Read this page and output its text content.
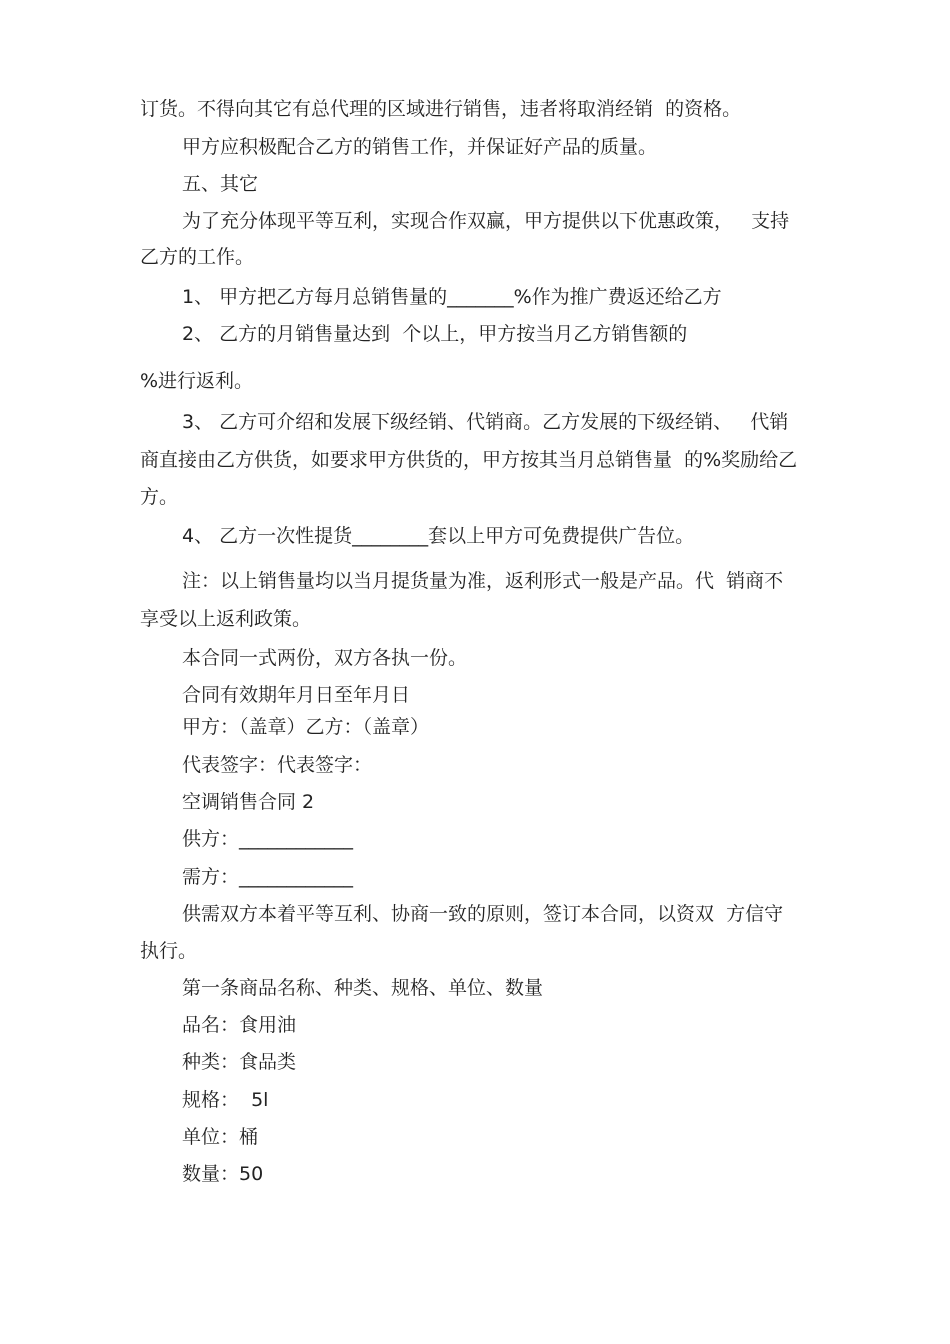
订货。不得向其它有总代理的区域进行销售，违者将取消经销  的资格。
甲方应积极配合乙方的销售工作，并保证好产品的质量。
五、其它
为了充分体现平等互利，实现合作双赢，甲方提供以下优惠政策，   支持
乙方的工作。
1、 甲方把乙方每月总销售量的_______%作为推广费返还给乙方
2、 乙方的月销售量达到  个以上，甲方按当月乙方销售额的
%进行返利。
3、 乙方可介绍和发展下级经销、代销商。乙方发展的下级经销、   代销
商直接由乙方供货，如要求甲方供货的，甲方按其当月总销售量  的%奖励给乙
方。
4、 乙方一次性提货________套以上甲方可免费提供广告位。
注：以上销售量均以当月提货量为准，返利形式一般是产品。代  销商不
享受以上返利政策。
本合同一式两份，双方各执一份。
合同有效期年月日至年月日
甲方：（盖章）乙方：（盖章）
代表签字：代表签字：
空调销售合同 2
供方：____________
需方：____________
供需双方本着平等互利、协商一致的原则，签订本合同，以资双  方信守
执行。
第一条商品名称、种类、规格、单位、数量
品名：食用油
种类：食品类
规格：  5l
单位：桶
数量：50
